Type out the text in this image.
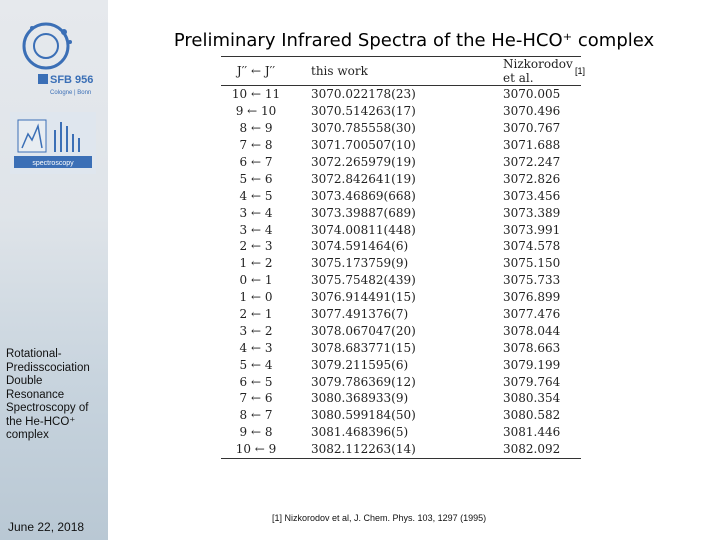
SFB 956
Cologne | Bonn
spectroscopy
Rotational-Predisscociation Double Resonance Spectroscopy of the He-HCO⁺ complex
June 22, 2018
Preliminary Infrared Spectra of the He-HCO⁺ complex
[1]
J′′ ← J′′	this work	Nizkorodov et al.
10 ← 11	3070.022178(23)	3070.005
9 ← 10	3070.514263(17)	3070.496
8 ← 9	3070.785558(30)	3070.767
7 ← 8	3071.700507(10)	3071.688
6 ← 7	3072.265979(19)	3072.247
5 ← 6	3072.842641(19)	3072.826
4 ← 5	3073.46869(668)	3073.456
3 ← 4	3073.39887(689)	3073.389
3 ← 4	3074.00811(448)	3073.991
2 ← 3	3074.591464(6)	3074.578
1 ← 2	3075.173759(9)	3075.150
0 ← 1	3075.75482(439)	3075.733
1 ← 0	3076.914491(15)	3076.899
2 ← 1	3077.491376(7)	3077.476
3 ← 2	3078.067047(20)	3078.044
4 ← 3	3078.683771(15)	3078.663
5 ← 4	3079.211595(6)	3079.199
6 ← 5	3079.786369(12)	3079.764
7 ← 6	3080.368933(9)	3080.354
8 ← 7	3080.599184(50)	3080.582
9 ← 8	3081.468396(5)	3081.446
10 ← 9	3082.112263(14)	3082.092
[1] Nizkorodov et al, J. Chem. Phys. 103, 1297 (1995)
